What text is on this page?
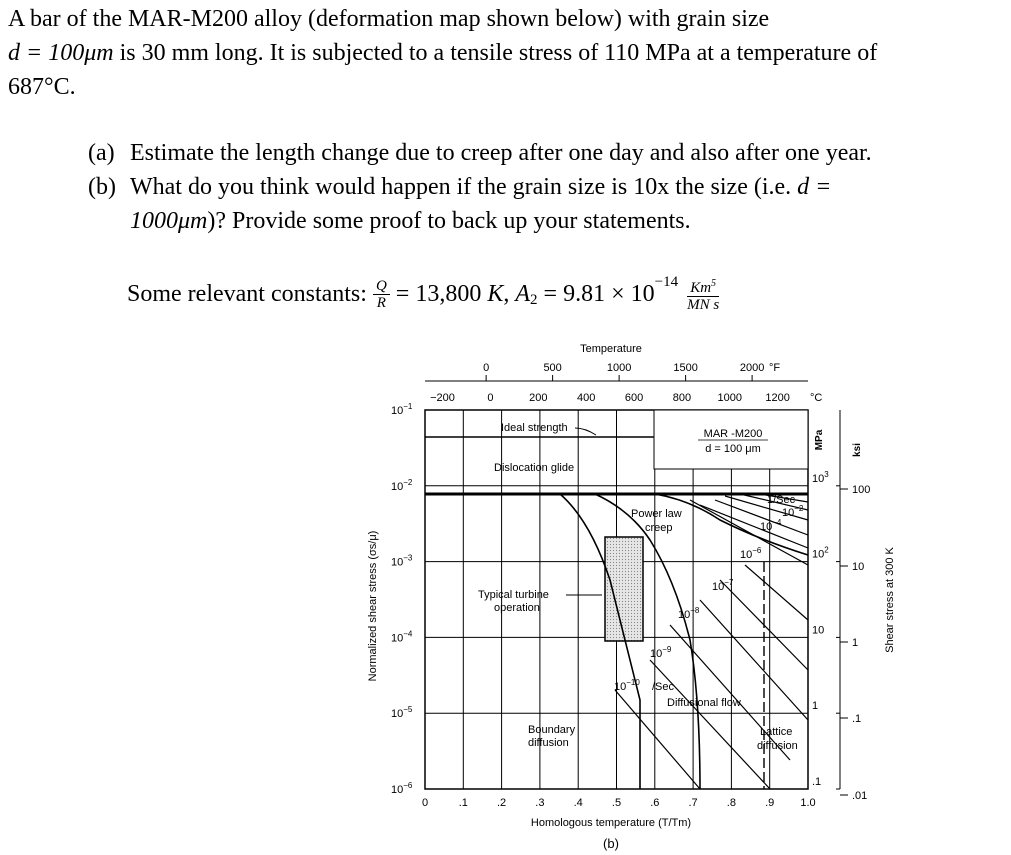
A bar of the MAR-M200 alloy (deformation map shown below) with grain size
d = 100μm is 30 mm long. It is subjected to a tensile stress of 110 MPa at a temperature of
687°C.
(a) Estimate the length change due to creep after one day and also after one year.
(b) What do you think would happen if the grain size is 10x the size (i.e. d =
1000μm)? Provide some proof to back up your statements.
Some relevant constants: $\frac{Q}{R} = 13,800$
K ,
A 2
= $9.81 \times 10 -14 \frac{Km^5}{\text{MN s}}$
Temperature
0	500	1000	1500	2000 °F
−200	0	200	400	600	800 1000 1200 °C
MAR -M200
d = 100 μm
Ideal strength
Dislocation glide
Typical turbine
operation
Power law
creep
1/Sec
Diffusional flow
Boundary
diffusion
Lattice
diffusion
$10^{-2}$
$10^{-4}$
$10^{-6}$
$10^{-7}$
$10^{-8}$
$10^{-9}$
$10^{-10}$ /Sec
$10^{-1}$
$10^{-2}$
$10^{-3}$
$10^{-4}$
$10^{-5}$
$10^{-6}$
Normalized shear stress (σs/μ)
0	.1	.2	.3	.4	.5	.6	.7	.8	.9 1.0
Homologous temperature (T/Tm)
(b)
MPa
$10^3$
$10^2$
10
1
.1
ksi
100
10
1
.1
.01
Shear stress at 300 K
